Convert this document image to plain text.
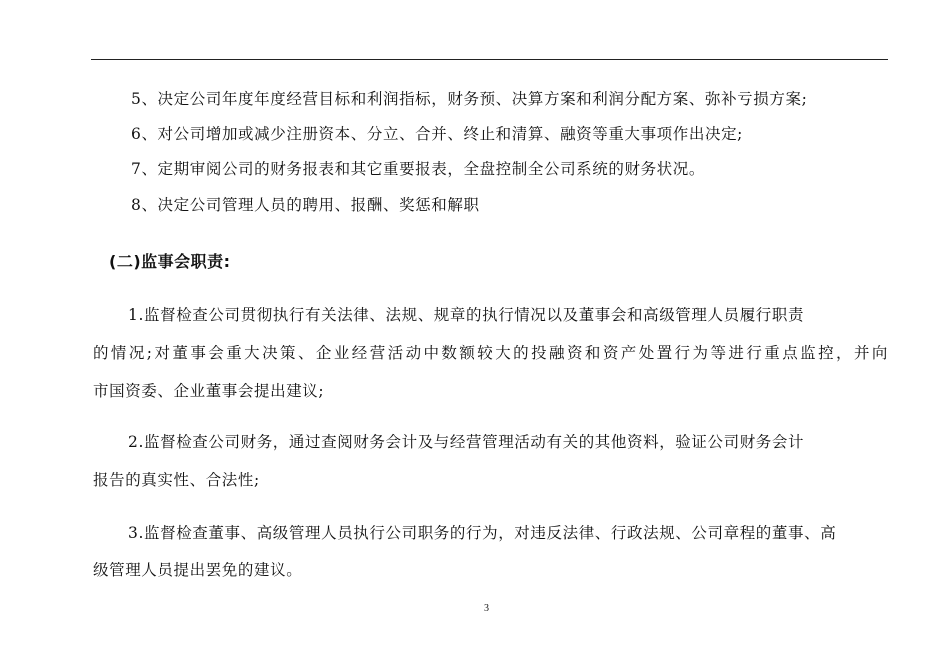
5、决定公司年度年度经营目标和利润指标，财务预、决算方案和利润分配方案、弥补亏损方案;
6、对公司增加或减少注册资本、分立、合并、终止和清算、融资等重大事项作出决定;
7、定期审阅公司的财务报表和其它重要报表，全盘控制全公司系统的财务状况。
8、决定公司管理人员的聘用、报酬、奖惩和解职
(二)监事会职责:
1.监督检查公司贯彻执行有关法律、法规、规章的执行情况以及董事会和高级管理人员履行职责
的情况;对董事会重大决策、企业经营活动中数额较大的投融资和资产处置行为等进行重点监控，并向
市国资委、企业董事会提出建议;
2.监督检查公司财务，通过查阅财务会计及与经营管理活动有关的其他资料，验证公司财务会计
报告的真实性、合法性;
3.监督检查董事、高级管理人员执行公司职务的行为，对违反法律、行政法规、公司章程的董事、高
级管理人员提出罢免的建议。
3
